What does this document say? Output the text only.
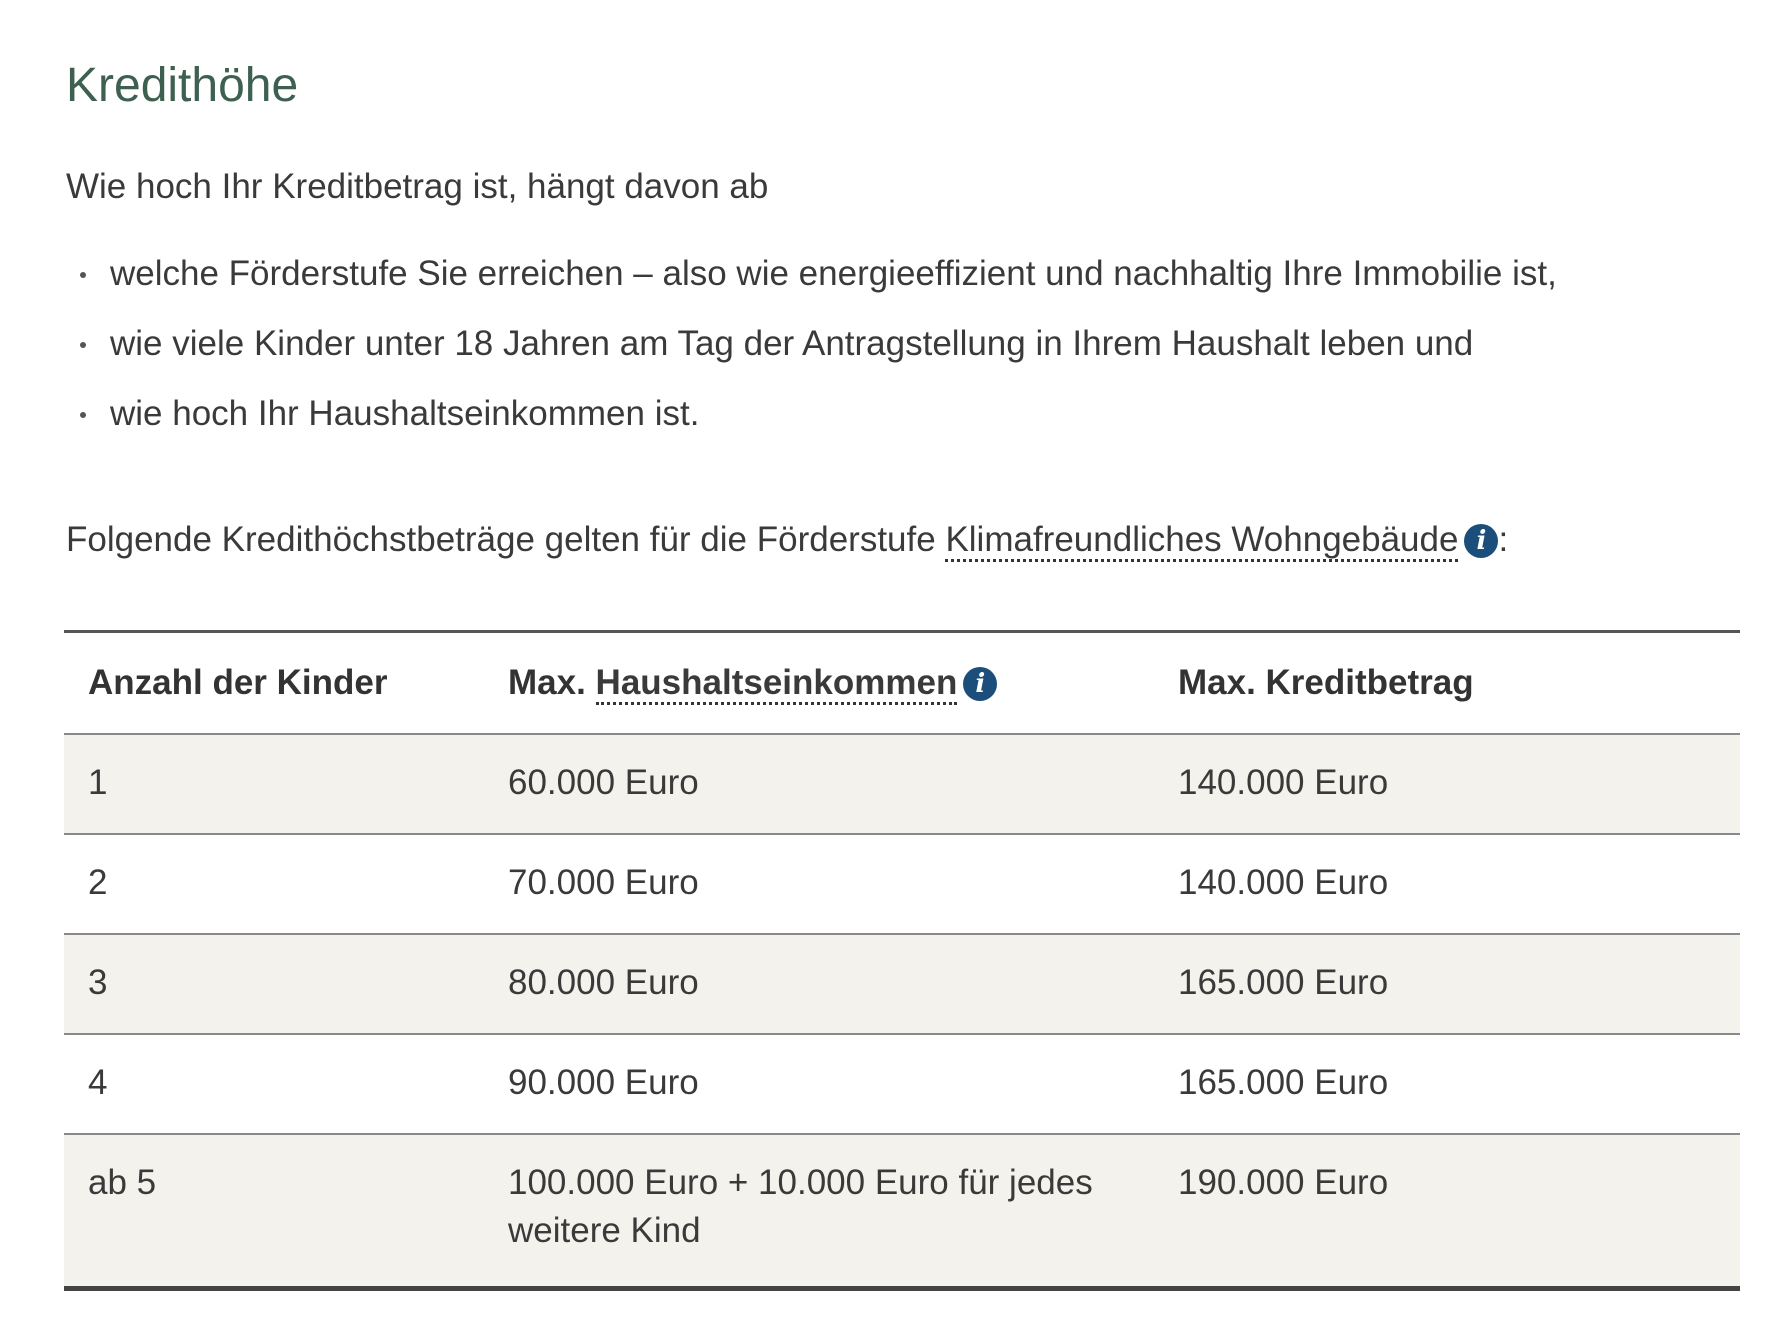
Kredithöhe

Wie hoch Ihr Kreditbetrag ist, hängt davon ab

welche Förderstufe Sie erreichen – also wie energieeffizient und nachhaltig Ihre Immobilie ist,
wie viele Kinder unter 18 Jahren am Tag der Antragstellung in Ihrem Haushalt leben und
wie hoch Ihr Haushaltseinkommen ist.

Folgende Kredithöchstbeträge gelten für die Förderstufe Klimafreundliches Wohngebäude i :

Anzahl der Kinder	Max. Haushaltseinkommen i	Max. Kreditbetrag
1	60.000 Euro	140.000 Euro
2	70.000 Euro	140.000 Euro
3	80.000 Euro	165.000 Euro
4	90.000 Euro	165.000 Euro
ab 5	100.000 Euro + 10.000 Euro für jedes weitere Kind	190.000 Euro
